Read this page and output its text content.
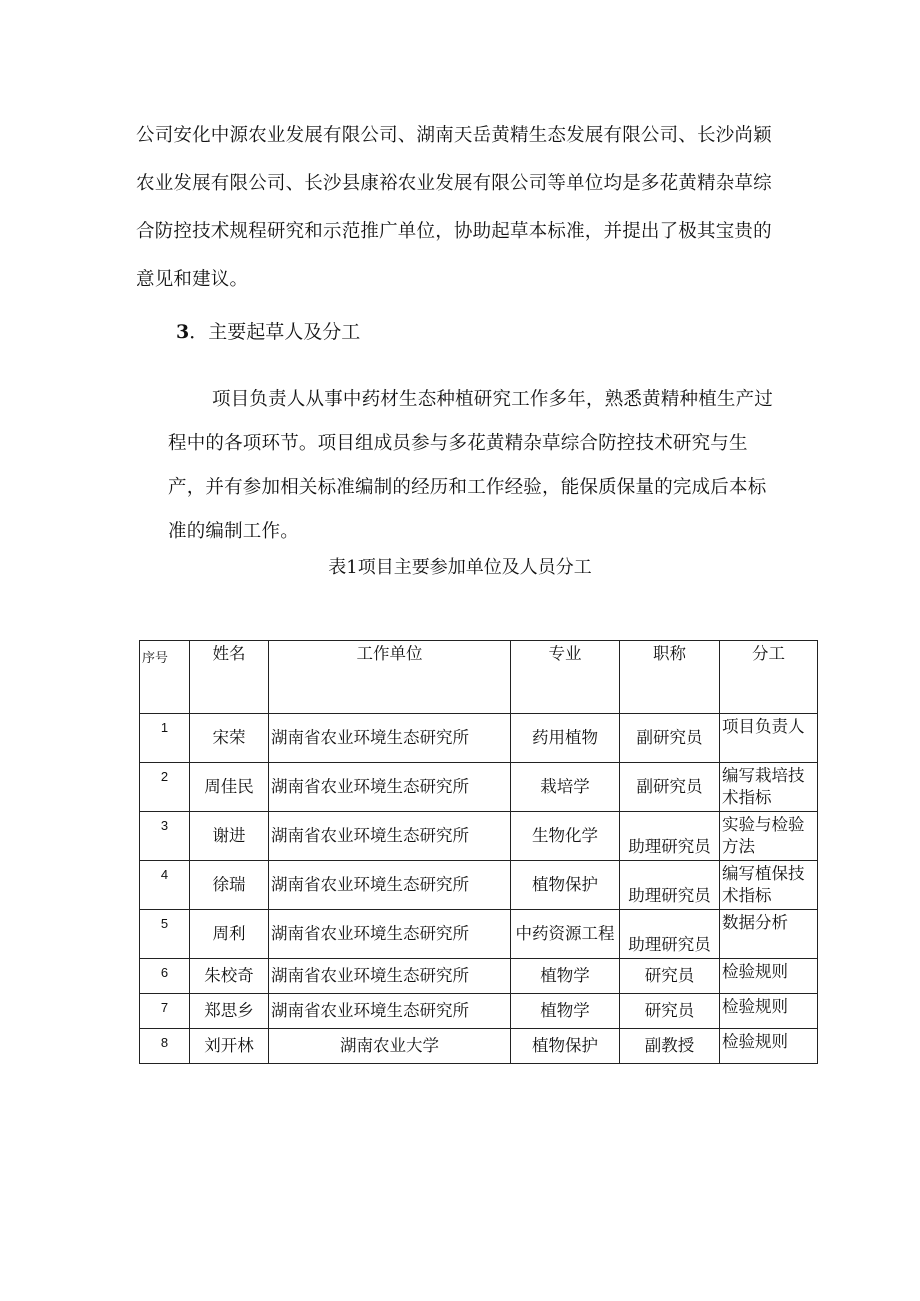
公司安化中源农业发展有限公司、湖南天岳黄精生态发展有限公司、长沙尚颖
农业发展有限公司、长沙县康裕农业发展有限公司等单位均是多花黄精杂草综
合防控技术规程研究和示范推广单位，协助起草本标准，并提出了极其宝贵的
意见和建议。
3．主要起草人及分工
项目负责人从事中药材生态种植研究工作多年，熟悉黄精种植生产过
程中的各项环节。项目组成员参与多花黄精杂草综合防控技术研究与生
产，并有参加相关标准编制的经历和工作经验，能保质保量的完成后本标
准的编制工作。
表1项目主要参加单位及人员分工
序号	姓名	工作单位	专业	职称	分工
1	宋荣	湖南省农业环境生态研究所	药用植物	副研究员	项目负责人
2	周佳民	湖南省农业环境生态研究所	栽培学	副研究员	编写栽培技术指标
3	谢进	湖南省农业环境生态研究所	生物化学	助理研究员	实验与检验方法
4	徐瑞	湖南省农业环境生态研究所	植物保护	助理研究员	编写植保技术指标
5	周利	湖南省农业环境生态研究所	中药资源工程	助理研究员	数据分析
6	朱校奇	湖南省农业环境生态研究所	植物学	研究员	检验规则
7	郑思乡	湖南省农业环境生态研究所	植物学	研究员	检验规则
8	刘开林	湖南农业大学	植物保护	副教授	检验规则
